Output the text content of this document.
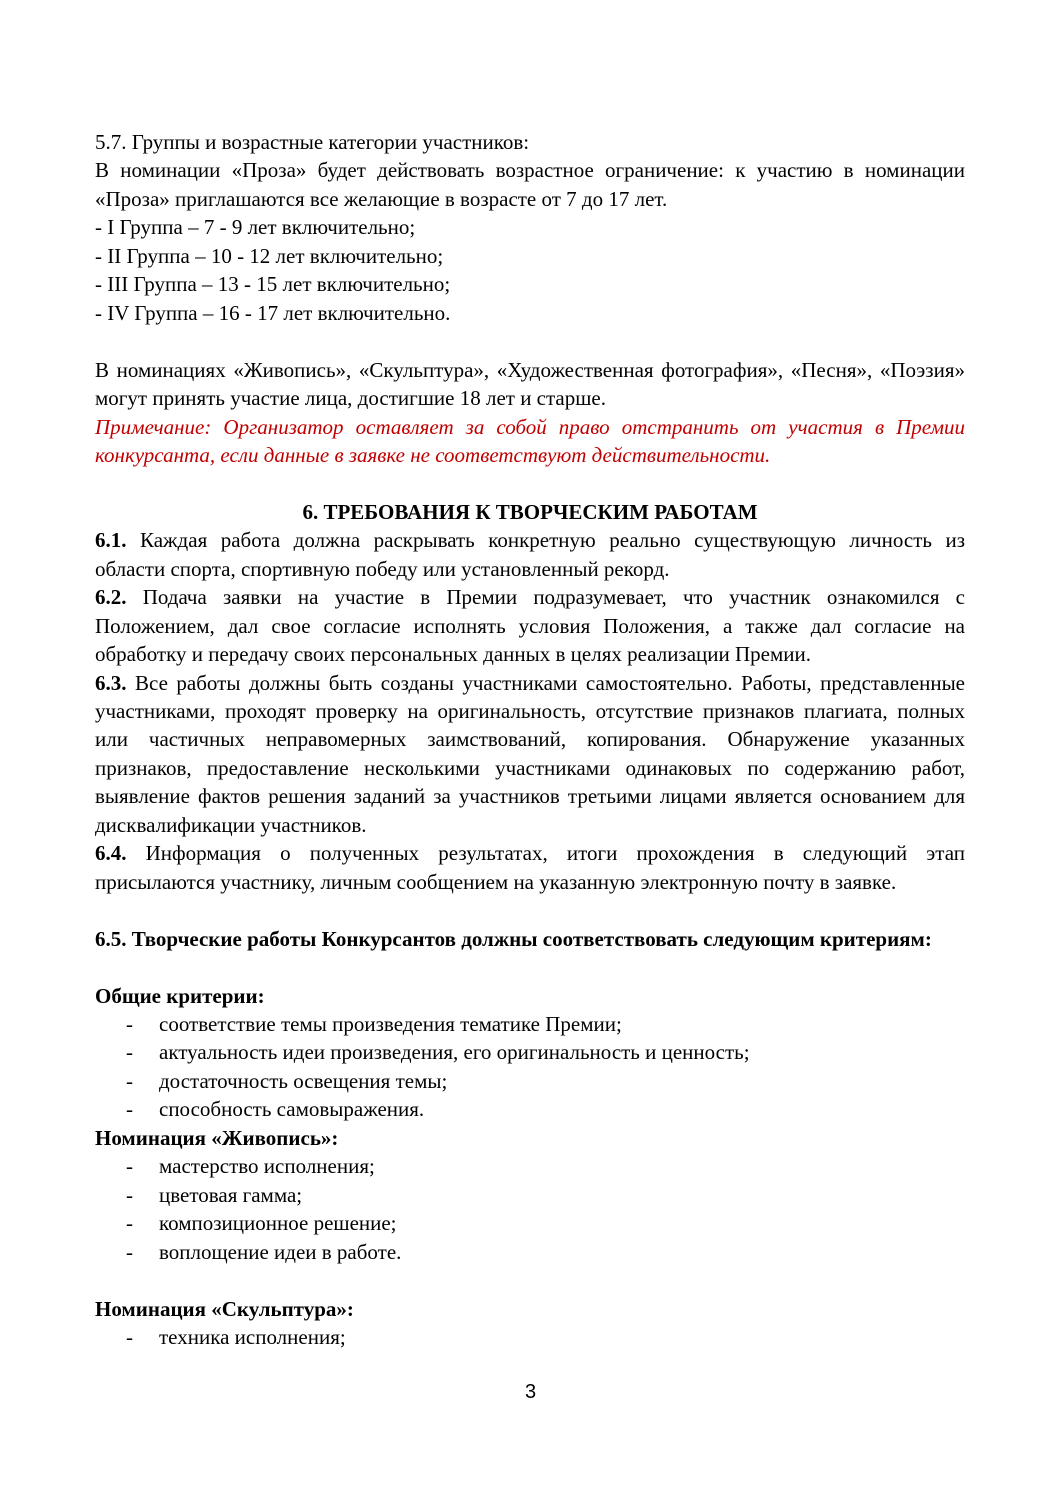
5.7. Группы и возрастные категории участников:

В номинации «Проза» будет действовать возрастное ограничение: к участию в номинации «Проза» приглашаются все желающие в возрасте от 7 до 17 лет.

- I Группа – 7 - 9 лет включительно;

- II Группа – 10 - 12 лет включительно;

- III Группа – 13 - 15 лет включительно;

- IV Группа – 16 - 17 лет включительно.

В номинациях «Живопись», «Скульптура», «Художественная фотография», «Песня», «Поэзия» могут принять участие лица, достигшие 18 лет и старше.

Примечание: Организатор оставляет за собой право отстранить от участия в Премии конкурсанта, если данные в заявке не соответствуют действительности.

6. ТРЕБОВАНИЯ К ТВОРЧЕСКИМ РАБОТАМ

6.1. Каждая работа должна раскрывать конкретную реально существующую личность из области спорта, спортивную победу или установленный рекорд.

6.2. Подача заявки на участие в Премии подразумевает, что участник ознакомился с Положением, дал свое согласие исполнять условия Положения, а также дал согласие на обработку и передачу своих персональных данных в целях реализации Премии.

6.3. Все работы должны быть созданы участниками самостоятельно. Работы, представленные участниками, проходят проверку на оригинальность, отсутствие признаков плагиата, полных или частичных неправомерных заимствований, копирования. Обнаружение указанных признаков, предоставление несколькими участниками одинаковых по содержанию работ, выявление фактов решения заданий за участников третьими лицами является основанием для дисквалификации участников.

6.4. Информация о полученных результатах, итоги прохождения в следующий этап присылаются участнику, личным сообщением на указанную электронную почту в заявке.

6.5. Творческие работы Конкурсантов должны соответствовать следующим критериям:

Общие критерии:

-	соответствие темы произведения тематике Премии;
-	актуальность идеи произведения, его оригинальность и ценность;
-	достаточность освещения темы;
-	способность самовыражения.

Номинация «Живопись»:

-	мастерство исполнения;
-	цветовая гамма;
-	композиционное решение;
-	воплощение идеи в работе.

Номинация «Скульптура»:

-	техника исполнения;
3
